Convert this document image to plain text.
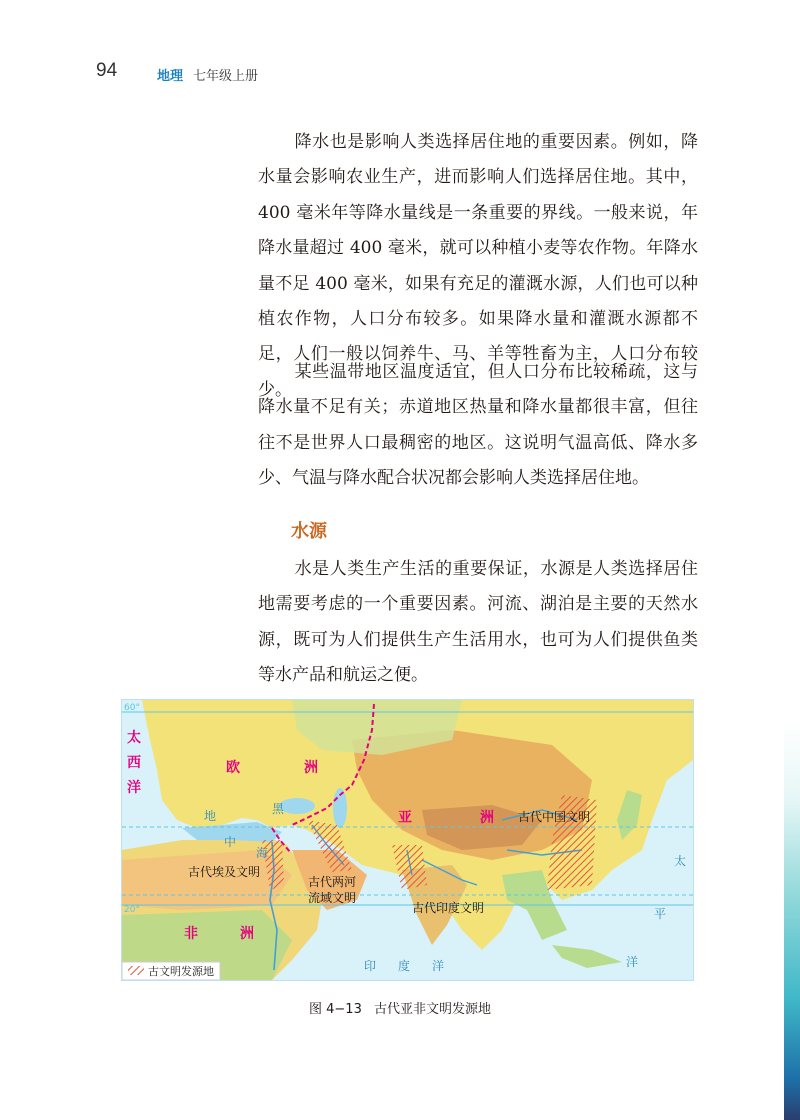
94	地理 七年级上册

降水也是影响人类选择居住地的重要因素。例如，降水量会影响农业生产，进而影响人们选择居住地。其中，400 毫米年等降水量线是一条重要的界线。一般来说，年降水量超过 400 毫米，就可以种植小麦等农作物。年降水量不足 400 毫米，如果有充足的灌溉水源，人们也可以种植农作物，人口分布较多。如果降水量和灌溉水源都不足，人们一般以饲养牛、马、羊等牲畜为主，人口分布较少。

某些温带地区温度适宜，但人口分布比较稀疏，这与降水量不足有关；赤道地区热量和降水量都很丰富，但往往不是世界人口最稠密的地区。这说明气温高低、降水多少、气温与降水配合状况都会影响人类选择居住地。

水源

水是人类生产生活的重要保证，水源是人类选择居住地需要考虑的一个重要因素。河流、湖泊是主要的天然水源，既可为人们提供生产生活用水，也可为人们提供鱼类等水产品和航运之便。

太
西
洋
欧	洲
亚	洲
非	洲
太
平
洋
印 度 洋
地
中
海
黑
60°
20°
古代中国文明
古代埃及文明
古代两河
流域文明
古代印度文明
古文明发源地
图 4−13 古代亚非文明发源地
